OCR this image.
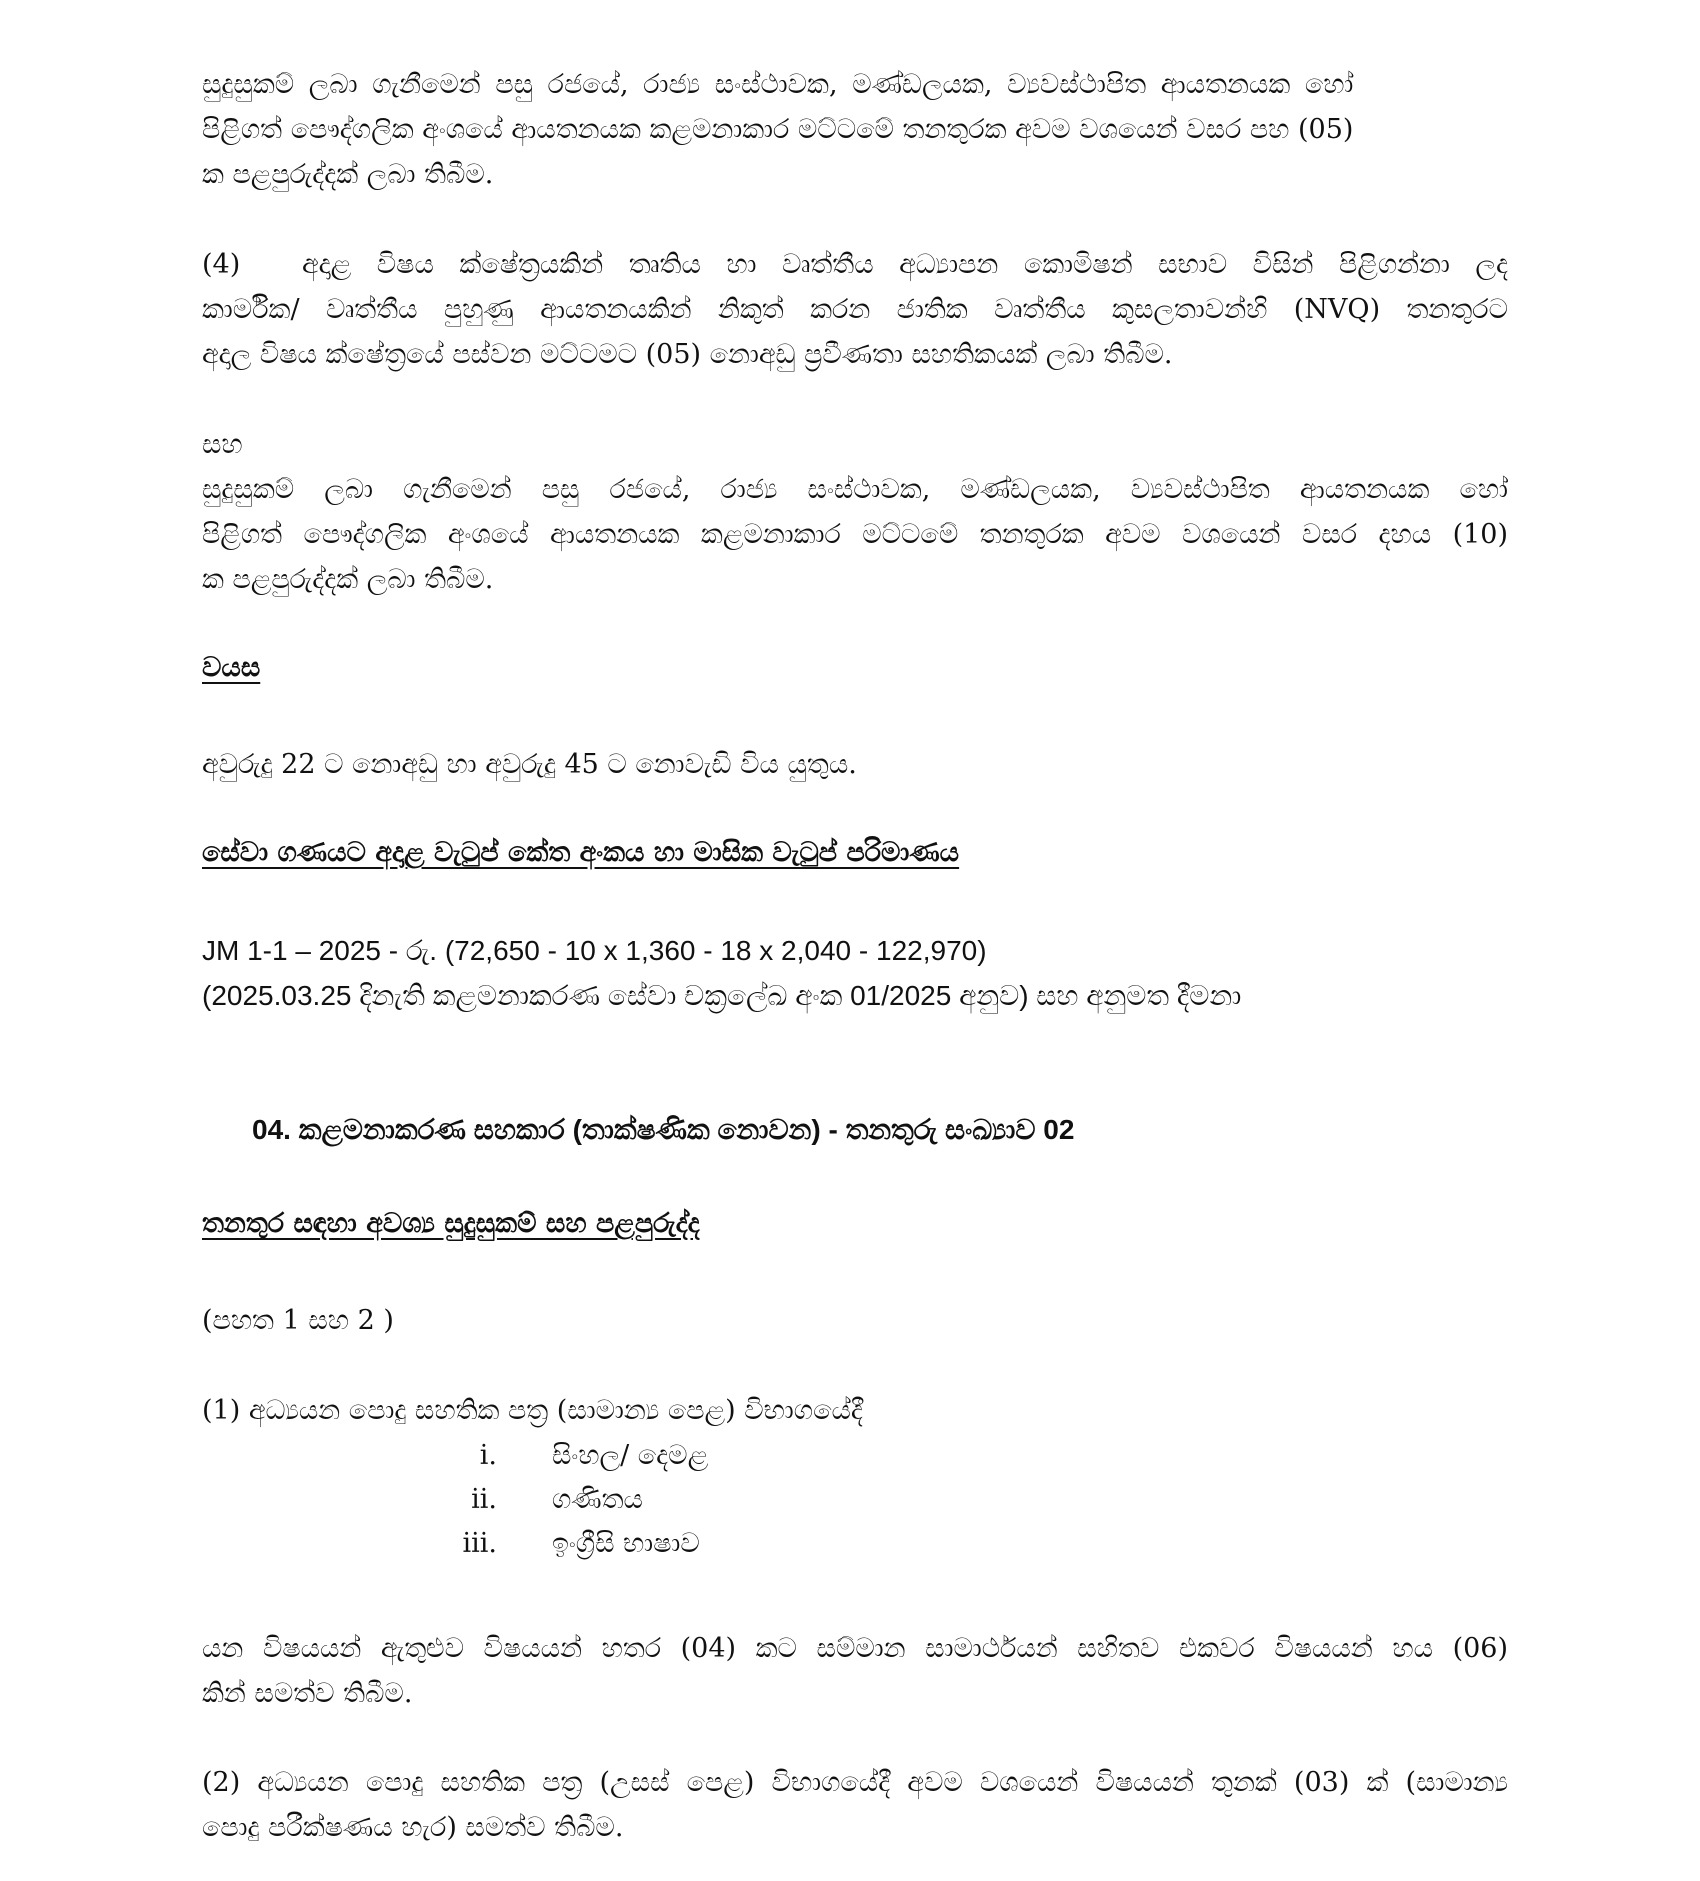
සුදුසුකම් ලබා ගැනීමෙන් පසු රජයේ, රාජ්‍ය සංස්ථාවක, මණ්ඩලයක, ව්‍යවස්ථාපිත ආයතනයක හෝ
පිළිගත් පෞද්ගලික අංශයේ ආයතනයක කළමනාකාර මට්ටමේ තනතුරක අවම වශයෙන් වසර පහ (05)
ක පළපුරුද්දක් ලබා තිබීම.
(4) අදාළ විෂය ක්ෂේත්‍රයකින් තෘතිය හා වෘත්තීය අධ්‍යාපන කොමිෂන් සභාව විසින් පිළිගන්නා ලද
කාර්මික/ වෘත්තීය පුහුණු ආයතනයකින් නිකුත් කරන ජාතික වෘත්තීය කුසලතාවන්හි (NVQ) තනතුරට
අදාල විෂය ක්ෂේත්‍රයේ පස්වන මට්ටමට (05) නොඅඩු ප්‍රවීණතා සහතිකයක් ලබා තිබීම.

සහ

සුදුසුකම් ලබා ගැනීමෙන් පසු රජයේ, රාජ්‍ය සංස්ථාවක, මණ්ඩලයක, ව්‍යවස්ථාපිත ආයතනයක හෝ
පිළිගත් පෞද්ගලික අංශයේ ආයතනයක කළමනාකාර මට්ටමේ තනතුරක අවම වශයෙන් වසර දහය (10)
ක පළපුරුද්දක් ලබා තිබීම.

වයස

අවුරුදු 22 ට නොඅඩු හා අවුරුදු 45 ට නොවැඩි විය යුතුය.

සේවා ගණයට අදාළ වැටුප් කේත අංකය හා මාසික වැටුප් පරිමාණය

JM 1-1 – 2025 - රු. (72,650 - 10 x 1,360 - 18 x 2,040 - 122,970)

(2025.03.25 දිනැති කළමනාකරණ සේවා චක්‍රලේඛ අංක 01/2025 අනුව) සහ අනුමත දීමනා

04. කළමනාකරණ සහකාර (තාක්ෂණික නොවන) - තනතුරු සංඛ්‍යාව 02

තනතුර සඳහා අවශ්‍ය සුදුසුකම් සහ පළපුරුද්ද

(පහත 1 සහ 2 )

(1) අධ්‍යයන පොදු සහතික පත්‍ර (සාමාන්‍ය පෙළ) විභාගයේදී

i.	සිංහල/ දෙමළ
ii.	ගණිතය
iii.	ඉංග්‍රීසි භාෂාව
යන විෂයයන් ඇතුළුව විෂයයන් හතර (04) කට සම්මාන සාමාර්ථයන් සහිතව එකවර විෂයයන් හය (06)
කින් සමත්ව තිබීම.
(2) අධ්‍යයන පොදු සහතික පත්‍ර (උසස් පෙළ) විභාගයේදී අවම වශයෙන් විෂයයන් තුනක් (03) ක් (සාමාන්‍ය
පොදු පරීක්ෂණය හැර) සමත්ව තිබීම.
